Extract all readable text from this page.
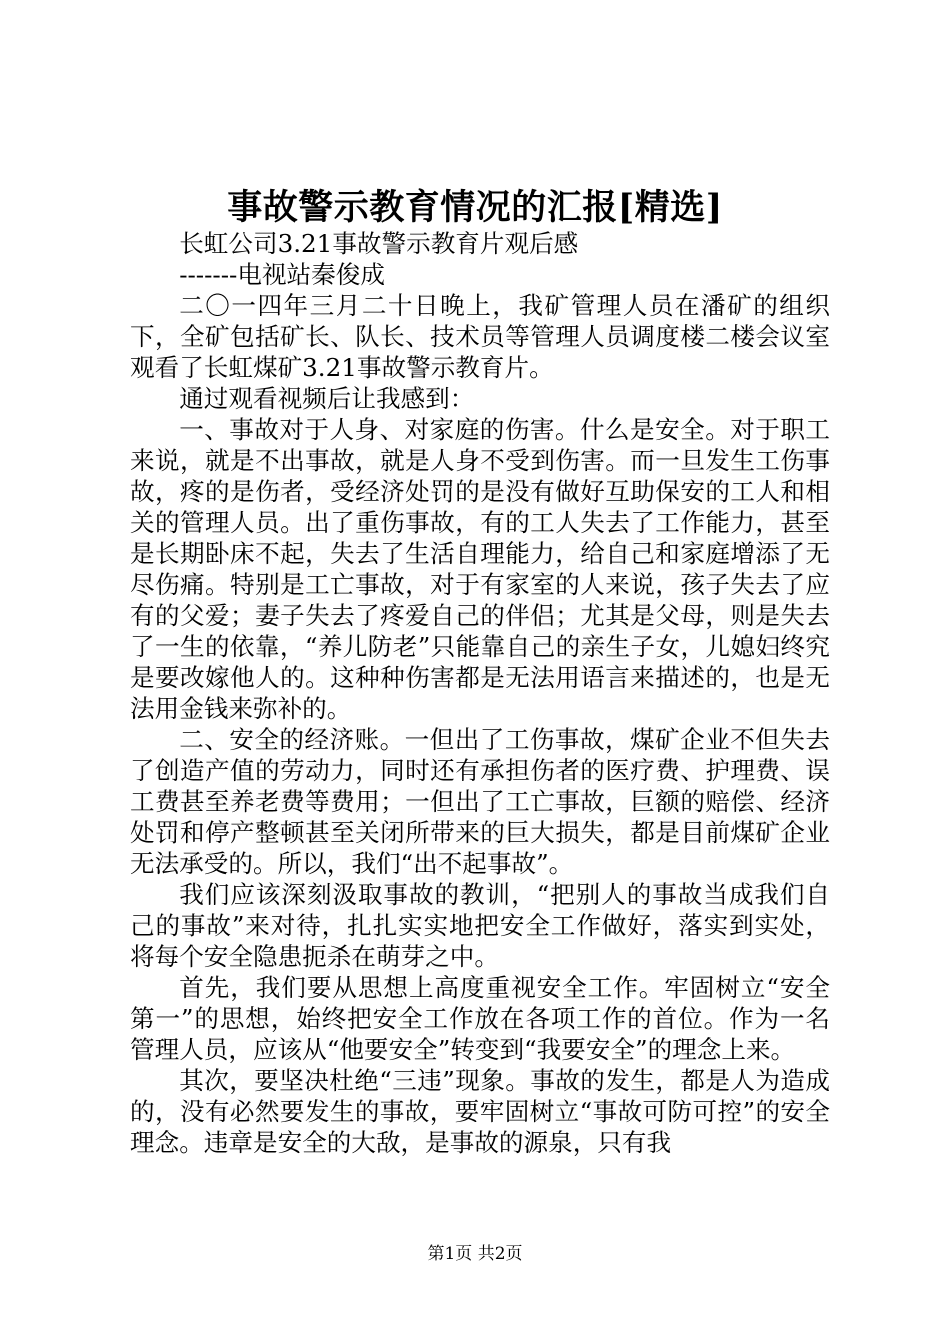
事故警示教育情况的汇报[精选]

长虹公司3.21事故警示教育片观后感

-------电视站秦俊成

二〇一四年三月二十日晚上，我矿管理人员在潘矿的组织下，全矿包括矿长、队长、技术员等管理人员调度楼二楼会议室观看了长虹煤矿3.21事故警示教育片。

通过观看视频后让我感到：

一、事故对于人身、对家庭的伤害。什么是安全。对于职工来说，就是不出事故，就是人身不受到伤害。而一旦发生工伤事故，疼的是伤者，受经济处罚的是没有做好互助保安的工人和相关的管理人员。出了重伤事故，有的工人失去了工作能力，甚至是长期卧床不起，失去了生活自理能力，给自己和家庭增添了无尽伤痛。特别是工亡事故，对于有家室的人来说，孩子失去了应有的父爱；妻子失去了疼爱自己的伴侣；尤其是父母，则是失去了一生的依靠，“养儿防老”只能靠自己的亲生子女，儿媳妇终究是要改嫁他人的。这种种伤害都是无法用语言来描述的，也是无法用金钱来弥补的。

二、安全的经济账。一但出了工伤事故，煤矿企业不但失去了创造产值的劳动力，同时还有承担伤者的医疗费、护理费、误工费甚至养老费等费用；一但出了工亡事故，巨额的赔偿、经济处罚和停产整顿甚至关闭所带来的巨大损失，都是目前煤矿企业无法承受的。所以，我们“出不起事故”。

我们应该深刻汲取事故的教训，“把别人的事故当成我们自己的事故”来对待，扎扎实实地把安全工作做好，落实到实处，将每个安全隐患扼杀在萌芽之中。

首先，我们要从思想上高度重视安全工作。牢固树立“安全第一”的思想，始终把安全工作放在各项工作的首位。作为一名管理人员，应该从“他要安全”转变到“我要安全”的理念上来。

其次，要坚决杜绝“三违”现象。事故的发生，都是人为造成的，没有必然要发生的事故，要牢固树立“事故可防可控”的安全理念。违章是安全的大敌，是事故的源泉，只有我

第1页 共2页
